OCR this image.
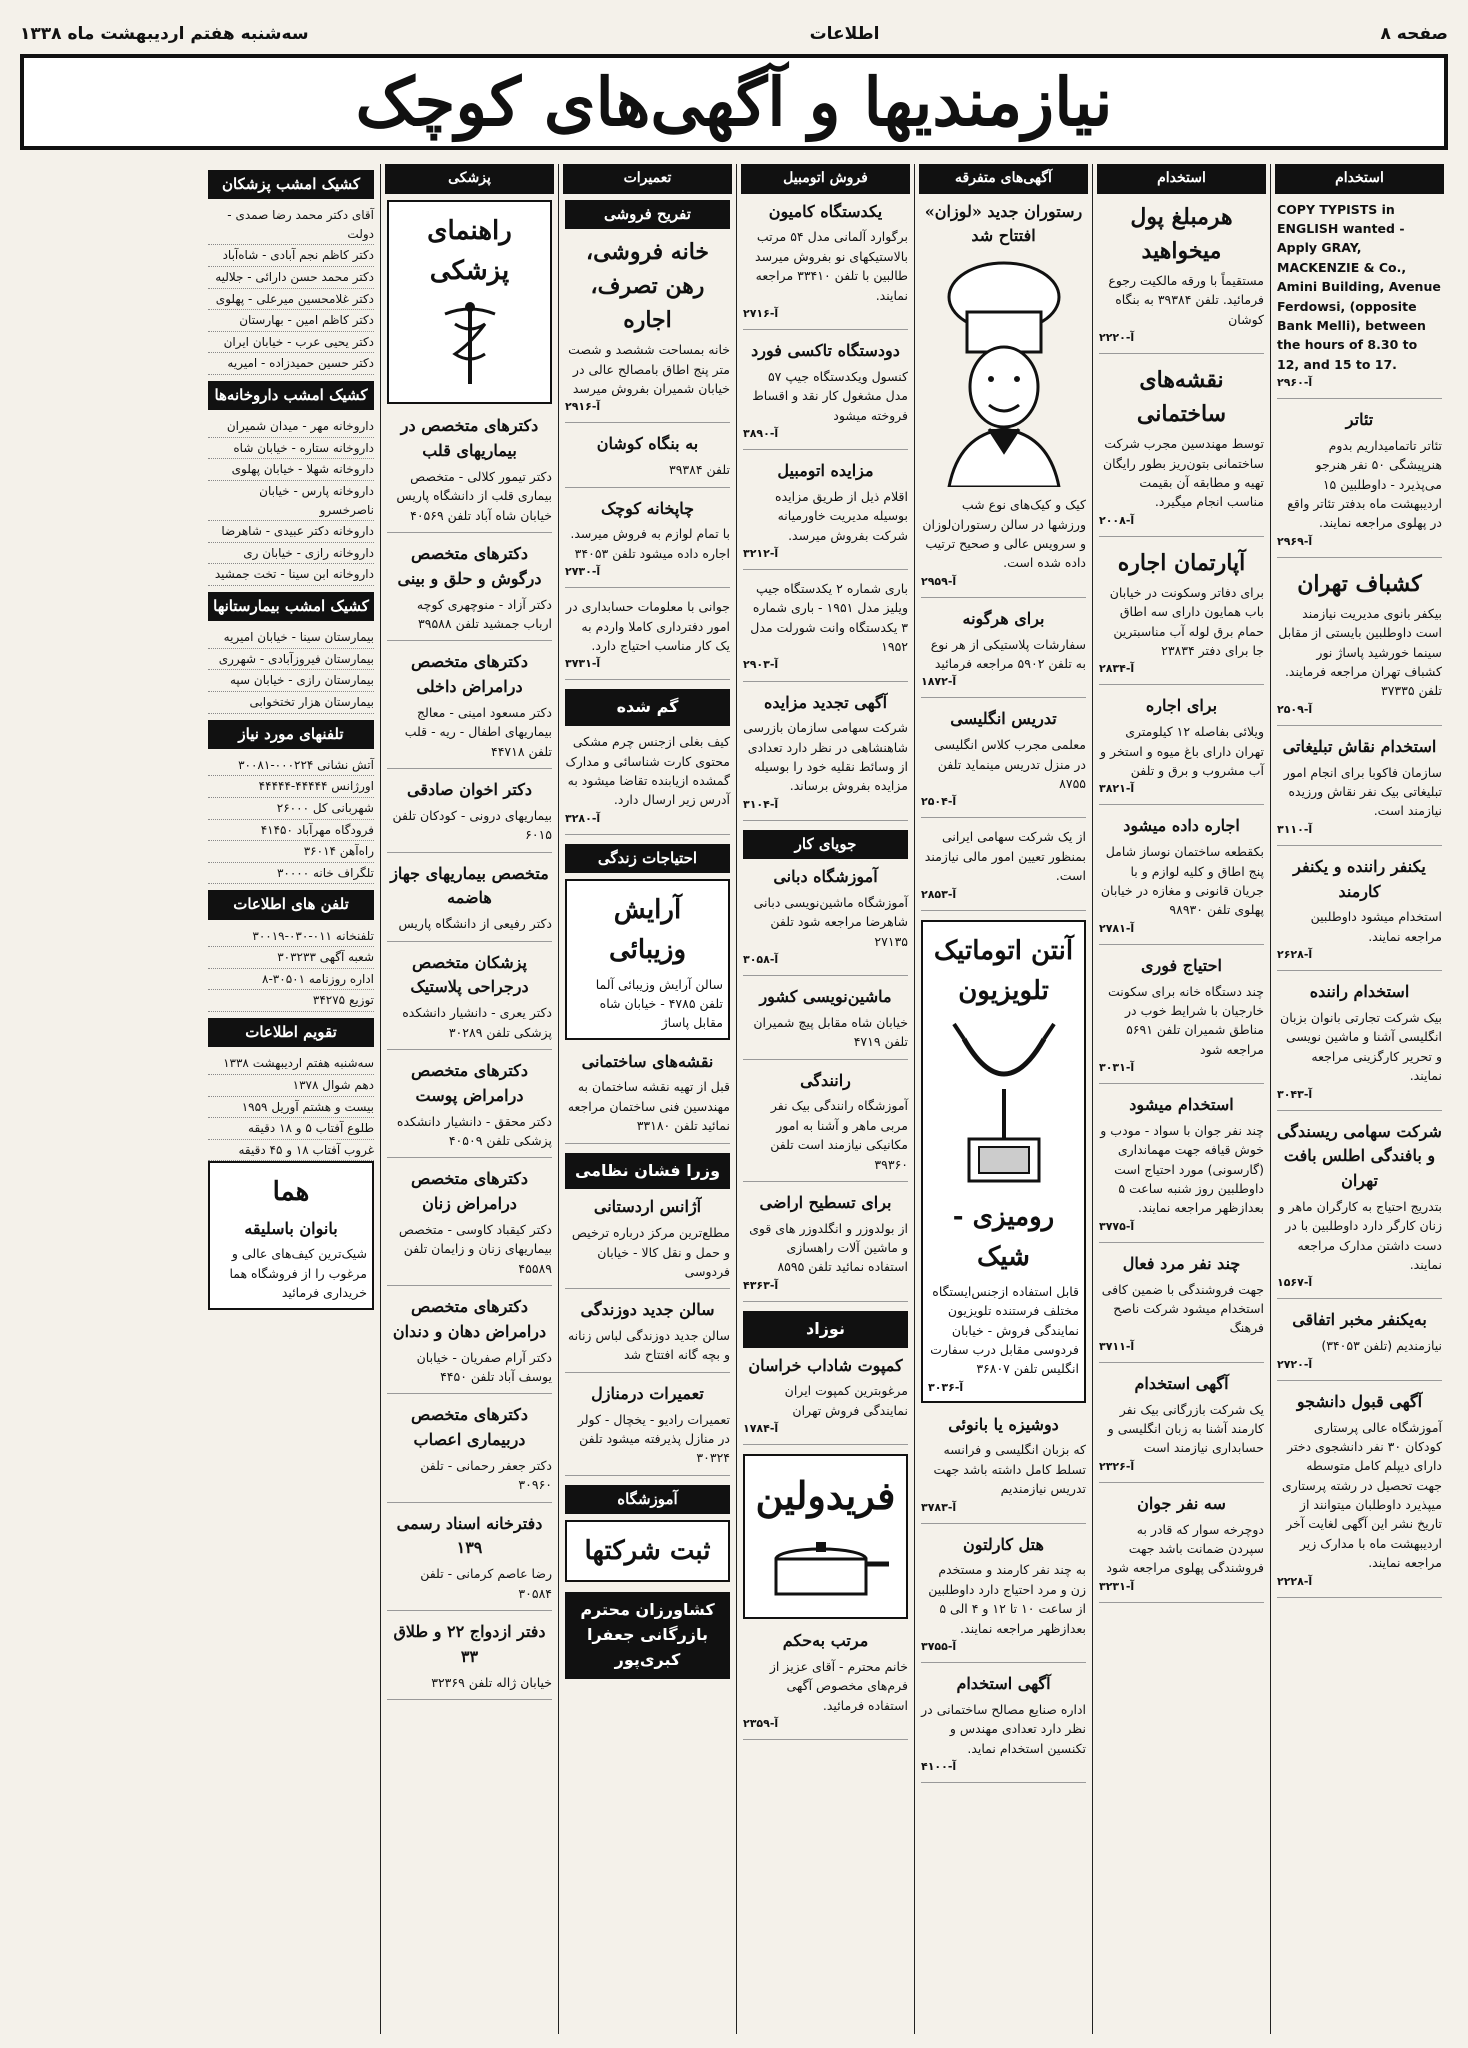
صفحه ۸
اطلاعات
سه‌شنبه هفتم اردیبهشت ماه ۱۳۳۸
نیازمندیها و آگهی‌های کوچک
استخدام
COPY TYPISTS in ENGLISH wanted - Apply GRAY, MACKENZIE & Co., Amini Building, Avenue Ferdowsi, (opposite Bank Melli), between the hours of 8.30 to 12, and 15 to 17.
آ-۲۹۶۰
تئاتر
تئاتر تاتمامیداریم بدوم هنرپیشگی ۵۰ نفر هنرجو می‌پذیرد - داوطلبین ۱۵ اردیبهشت ماه بدفتر تئاتر واقع در پهلوی مراجعه نمایند.
آ-۲۹۶۹
کشباف تهران
بیکفر بانوی مدیریت نیازمند است داوطلبین بایستی از مقابل سینما خورشید پاساژ نور کشباف تهران مراجعه فرمایند. تلفن ۳۷۳۳۵
آ-۲۵۰۹
استخدام نقاش تبلیغاتی
سازمان فاکوبا برای انجام امور تبلیغاتی بیک نفر نقاش ورزیده نیازمند است.
آ-۳۱۱۰
یکنفر راننده و یکنفر کارمند
استخدام میشود داوطلبین مراجعه نمایند.
آ-۲۶۲۸
استخدام راننده
بیک شرکت تجارتی بانوان بزبان انگلیسی آشنا و ماشین نویسی و تحریر کارگزینی مراجعه نمایند.
آ-۳۰۴۳
شرکت سهامی ریسندگی و بافندگی اطلس بافت تهران
بتدریج احتیاج به کارگران ماهر و زنان کارگر دارد داوطلبین با در دست داشتن مدارک مراجعه نمایند.
آ-۱۵۶۷
به‌یکنفر مخبر اتفاقی
نیازمندیم (تلفن ۳۴۰۵۳)
آ-۲۷۲۰
آگهی قبول دانشجو
آموزشگاه عالی پرستاری کودکان ۳۰ نفر دانشجوی دختر دارای دیپلم کامل متوسطه جهت تحصیل در رشته پرستاری میپذیرد داوطلبان میتوانند از تاریخ نشر این آگهی لغایت آخر اردیبهشت ماه با مدارک زیر مراجعه نمایند.
آ-۲۲۲۸
استخدام
هرمبلغ پول میخواهید
مستقیماً با ورقه مالکیت رجوع فرمائید. تلفن ۳۹۳۸۴ به بنگاه کوشان
آ-۲۲۲۰
نقشه‌های ساختمانی
توسط مهندسین مجرب شرکت ساختمانی بتون‌ریز بطور رایگان تهیه و مطابقه آن بقیمت مناسب انجام میگیرد.
آ-۲۰۰۸
آپارتمان اجاره
برای دفاتر وسکونت در خیابان باب همایون دارای سه اطاق حمام برق لوله آب مناسبترین جا برای دفتر ۲۳۸۳۴
آ-۲۸۳۴
برای اجاره
ویلائی بفاصله ۱۲ کیلومتری تهران دارای باغ میوه و استخر و آب مشروب و برق و تلفن
آ-۳۸۲۱
اجاره داده میشود
بکقطعه ساختمان نوساز شامل پنج اطاق و کلیه لوازم و با جریان قانونی و مغازه در خیابان پهلوی تلفن ۹۸۹۳۰
آ-۲۷۸۱
احتیاج فوری
چند دستگاه خانه برای سکونت خارجیان با شرایط خوب در مناطق شمیران تلفن ۵۶۹۱ مراجعه شود
آ-۳۰۳۱
استخدام میشود
چند نفر جوان با سواد - مودب و خوش قیافه جهت مهمانداری (گارسونی) مورد احتیاج است داوطلبین روز شنبه ساعت ۵ بعدازظهر مراجعه نمایند.
آ-۳۷۷۵
چند نفر مرد فعال
جهت فروشندگی با ضمین کافی استخدام میشود شرکت ناصح فرهنگ
آ-۳۷۱۱
آگهی استخدام
یک شرکت بازرگانی بیک نفر کارمند آشنا به زبان انگلیسی و حسابداری نیازمند است
آ-۲۳۲۶
سه نفر جوان
دوچرخه سوار که قادر به سپردن ضمانت باشد جهت فروشندگی پهلوی مراجعه شود
آ-۳۲۳۱
آگهی‌های متفرقه
رستوران جدید «لوزان» افتتاح شد
کیک و کیک‌های نوع شب ورزشها در سالن رستوران‌لوزان و سرویس عالی و صحیح ترتیب داده شده است.
آ-۲۹۵۹
برای هرگونه
سفارشات پلاستیکی از هر نوع به تلفن ۵۹۰۲ مراجعه فرمائید
آ-۱۸۷۲
تدریس انگلیسی
معلمی مجرب کلاس انگلیسی در منزل تدریس مینماید تلفن ۸۷۵۵
آ-۲۵۰۴
از یک شرکت سهامی ایرانی بمنظور تعیین امور مالی نیازمند است.
آ-۲۸۵۳
آنتن اتوماتیک تلویزیون
رومیزی - شیک
قابل استفاده ازجنس‌ایستگاه مختلف فرستنده تلویزیون نمایندگی فروش - خیابان فردوسی مقابل درب سفارت انگلیس تلفن ۳۶۸۰۷
آ-۳۰۳۶
دوشیزه یا بانوئی
که بزبان انگلیسی و فرانسه تسلط کامل داشته باشد جهت تدریس نیازمندیم
آ-۳۷۸۳
هتل کارلتون
به چند نفر کارمند و مستخدم زن و مرد احتیاج دارد داوطلبین از ساعت ۱۰ تا ۱۲ و ۴ الی ۵ بعدازظهر مراجعه نمایند.
آ-۳۷۵۵
آگهی استخدام
اداره صنایع مصالح ساختمانی در نظر دارد تعدادی مهندس و تکنسین استخدام نماید.
آ-۴۱۰۰
فروش اتومبیل
یکدستگاه کامیون
برگوارد آلمانی مدل ۵۴ مرتب بالاستیکهای نو بفروش میرسد طالبین با تلفن ۳۳۴۱۰ مراجعه نمایند.
آ-۲۷۱۶
دودستگاه تاکسی فورد
کنسول ویکدستگاه جیپ ۵۷ مدل مشغول کار نقد و اقساط فروخته میشود
آ-۳۸۹۰
مزایده اتومبیل
اقلام ذیل از طریق مزایده بوسیله مدیریت خاورمیانه شرکت بفروش میرسد.
آ-۳۲۱۲
باری شماره ۲ یکدستگاه جیپ ویلیز مدل ۱۹۵۱ - باری شماره ۳ یکدستگاه وانت شورلت مدل ۱۹۵۲
آ-۲۹۰۳
آگهی تجدید مزایده
شرکت سهامی سازمان بازرسی شاهنشاهی در نظر دارد تعدادی از وسائط نقلیه خود را بوسیله مزایده بفروش برساند.
آ-۳۱۰۴
جویای کار
آموزشگاه دبانی
آموزشگاه ماشین‌نویسی دبانی شاهرضا مراجعه شود تلفن ۲۷۱۳۵
آ-۳۰۵۸
ماشین‌نویسی کشور
خیابان شاه مقابل پیچ شمیران تلفن ۴۷۱۹
رانندگی
آموزشگاه رانندگی بیک نفر مربی ماهر و آشنا به امور مکانیکی نیازمند است تلفن ۳۹۳۶۰
برای تسطیح اراضی
از بولدوزر و انگلدوزر های قوی و ماشین آلات راهسازی استفاده نمائید تلفن ۸۵۹۵
آ-۴۳۶۳
نوزاد
کمپوت شاداب خراسان
مرغوبترین کمپوت ایران نمایندگی فروش تهران
آ-۱۷۸۴
فریدولین
مرتب به‌حکم
خانم محترم - آقای عزیز از فرم‌های مخصوص آگهی استفاده فرمائید.
آ-۲۳۵۹
تعمیرات
تفریح فروشی
خانه فروشی، رهن تصرف، اجاره
خانه بمساحت ششصد و شصت متر پنج اطاق بامصالح عالی در خیابان شمیران بفروش میرسد
آ-۲۹۱۶
به بنگاه کوشان
تلفن ۳۹۳۸۴
چاپخانه کوچک
با تمام لوازم به فروش میرسد. اجاره داده میشود تلفن ۳۴۰۵۳
آ-۲۷۳۰
جوانی با معلومات حسابداری در امور دفترداری کاملا واردم به یک کار مناسب احتیاج دارد.
آ-۳۷۳۱
گم شده
کیف بغلی ازجنس چرم مشکی محتوی کارت شناسائی و مدارک گمشده ازیابنده تقاضا میشود به آدرس زیر ارسال دارد.
آ-۳۲۸۰
احتیاجات زندگی
آرایش وزیبائی
سالن آرایش وزیبائی آلما تلفن ۴۷۸۵ - خیابان شاه مقابل پاساژ
نقشه‌های ساختمانی
قبل از تهیه نقشه ساختمان به مهندسین فنی ساختمان مراجعه نمائید تلفن ۳۳۱۸۰
وزرا فشان نظامی
آژانس اردستانی
مطلع‌ترین مرکز درباره ترخیص و حمل و نقل کالا - خیابان فردوسی
سالن جدید دوزندگی
سالن جدید دوزندگی لباس زنانه و بچه گانه افتتاح شد
تعمیرات درمنازل
تعمیرات رادیو - یخچال - کولر در منازل پذیرفته میشود تلفن ۳۰۳۲۴
آموزشگاه
ثبت شرکتها
کشاورزان محترم
بازرگانی جعفرا کبری‌پور
پزشکی
راهنمای پزشکی
دکترهای متخصص در بیماریهای قلب
دکتر تیمور کلالی - متخصص بیماری قلب از دانشگاه پاریس خیابان شاه آباد تلفن ۴۰۵۶۹
دکترهای متخصص درگوش و حلق و بینی
دکتر آزاد - منوچهری کوچه ارباب جمشید تلفن ۳۹۵۸۸
دکترهای متخصص درامراض داخلی
دکتر مسعود امینی - معالج بیماریهای اطفال - ریه - قلب تلفن ۴۴۷۱۸
دکتر اخوان صادقی
بیماریهای درونی - کودکان تلفن ۶۰۱۵
متخصص بیماریهای جهاز هاضمه
دکتر رفیعی از دانشگاه پاریس
پزشکان متخصص درجراحی پلاستیک
دکتر یعری - دانشیار دانشکده پزشکی تلفن ۳۰۲۸۹
دکترهای متخصص درامراض پوست
دکتر محقق - دانشیار دانشکده پزشکی تلفن ۴۰۵۰۹
دکترهای متخصص درامراض زنان
دکتر کیقباد کاوسی - متخصص بیماریهای زنان و زایمان تلفن ۴۵۵۸۹
دکترهای متخصص درامراض دهان و دندان
دکتر آرام صفریان - خیابان یوسف آباد تلفن ۴۴۵۰
دکترهای متخصص دربیماری اعصاب
دکتر جعفر رحمانی - تلفن ۳۰۹۶۰
دفترخانه اسناد رسمی ۱۳۹
رضا عاصم کرمانی - تلفن ۳۰۵۸۴
دفتر ازدواج ۲۲ و طلاق ۳۳
خیابان ژاله تلفن ۳۲۳۶۹
کشیک امشب پزشکان
آقای دکتر محمد رضا صمدی - دولت
دکتر کاظم نجم آبادی - شاه‌آباد
دکتر محمد حسن دارائی - جلالیه
دکتر غلامحسین میرعلی - پهلوی
دکتر کاظم امین - بهارستان
دکتر یحیی عرب - خیابان ایران
دکتر حسین حمیدزاده - امیریه
کشیک امشب داروخانه‌ها
داروخانه مهر - میدان شمیران
داروخانه ستاره - خیابان شاه
داروخانه شهلا - خیابان پهلوی
داروخانه پارس - خیابان ناصرخسرو
داروخانه دکتر عبیدی - شاهرضا
داروخانه رازی - خیابان ری
داروخانه ابن سینا - تخت جمشید
کشیک امشب بیمارستانها
بیمارستان سینا - خیابان امیریه
بیمارستان فیروزآبادی - شهرری
بیمارستان رازی - خیابان سپه
بیمارستان هزار تختخوابی
تلفنهای مورد نیاز
آتش نشانی ۰۰۰۲۲۴-۳۰۰۸۱
اورژانس ۴۴۴۴۴-۴۴۴۴۴
شهربانی کل ۲۶۰۰۰
فرودگاه مهرآباد ۴۱۴۵۰
راه‌آهن ۳۶۰۱۴
تلگراف خانه ۳۰۰۰۰
تلفن های اطلاعات
تلفنخانه ۰۱۱-۰۳۰-۳۰۰۱۹
شعبه آگهی ۳۰۳۲۳۳
اداره روزنامه ۳۰۵۰۱-۸
توزیع ۳۴۲۷۵
تقویم اطلاعات
سه‌شنبه هفتم اردیبهشت ۱۳۳۸
دهم شوال ۱۳۷۸
بیست و هشتم آوریل ۱۹۵۹
طلوع آفتاب ۵ و ۱۸ دقیقه
غروب آفتاب ۱۸ و ۴۵ دقیقه
هما
بانوان باسلیقه
شیک‌ترین کیف‌های عالی و مرغوب را از فروشگاه هما خریداری فرمائید
